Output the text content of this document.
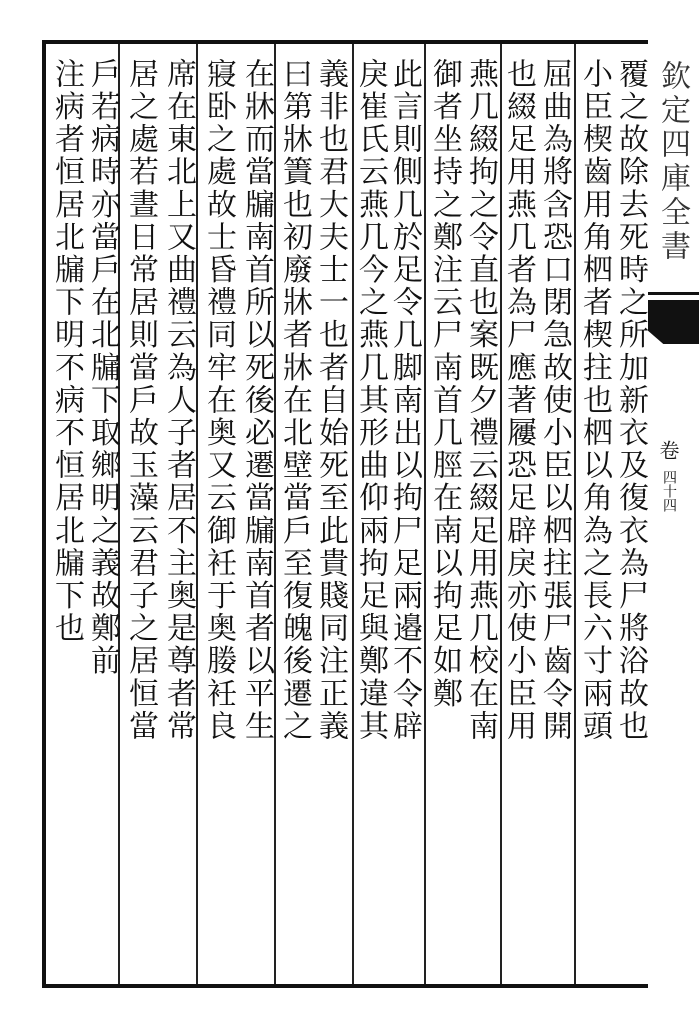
覆之故除去死時之所加新衣及復衣為尸將浴故也
小臣楔齒用角柶者楔拄也柶以角為之長六寸兩頭
屈曲為將含恐口閉急故使小臣以柶拄張尸齒令開
也綴足用燕几者為尸應著屨恐足辟戾亦使小臣用
燕几綴拘之令直也案既夕禮云綴足用燕几校在南
御者坐持之鄭注云尸南首几脛在南以拘足如鄭
此言則側几於足令几脚南出以拘尸足兩邉不令辟
戾崔氏云燕几今之燕几其形曲仰兩拘足與鄭違其
義非也君大夫士一也者自始死至此貴賤同注正義
曰第牀簀也初廢牀者牀在北壁當戶至復魄後遷之
在牀而當牖南首所以死後必遷當牖南首者以平生
寢卧之處故士昏禮同牢在奥又云御衽于奥媵衽良
席在東北上又曲禮云為人子者居不主奥是尊者常
居之處若晝日常居則當戶故玉藻云君子之居恒當
戶若病時亦當戶在北牖下取鄉明之義故鄭前
注病者恒居北牖下明不病不恒居北牖下也	欽定四庫全書
卷
四十四
